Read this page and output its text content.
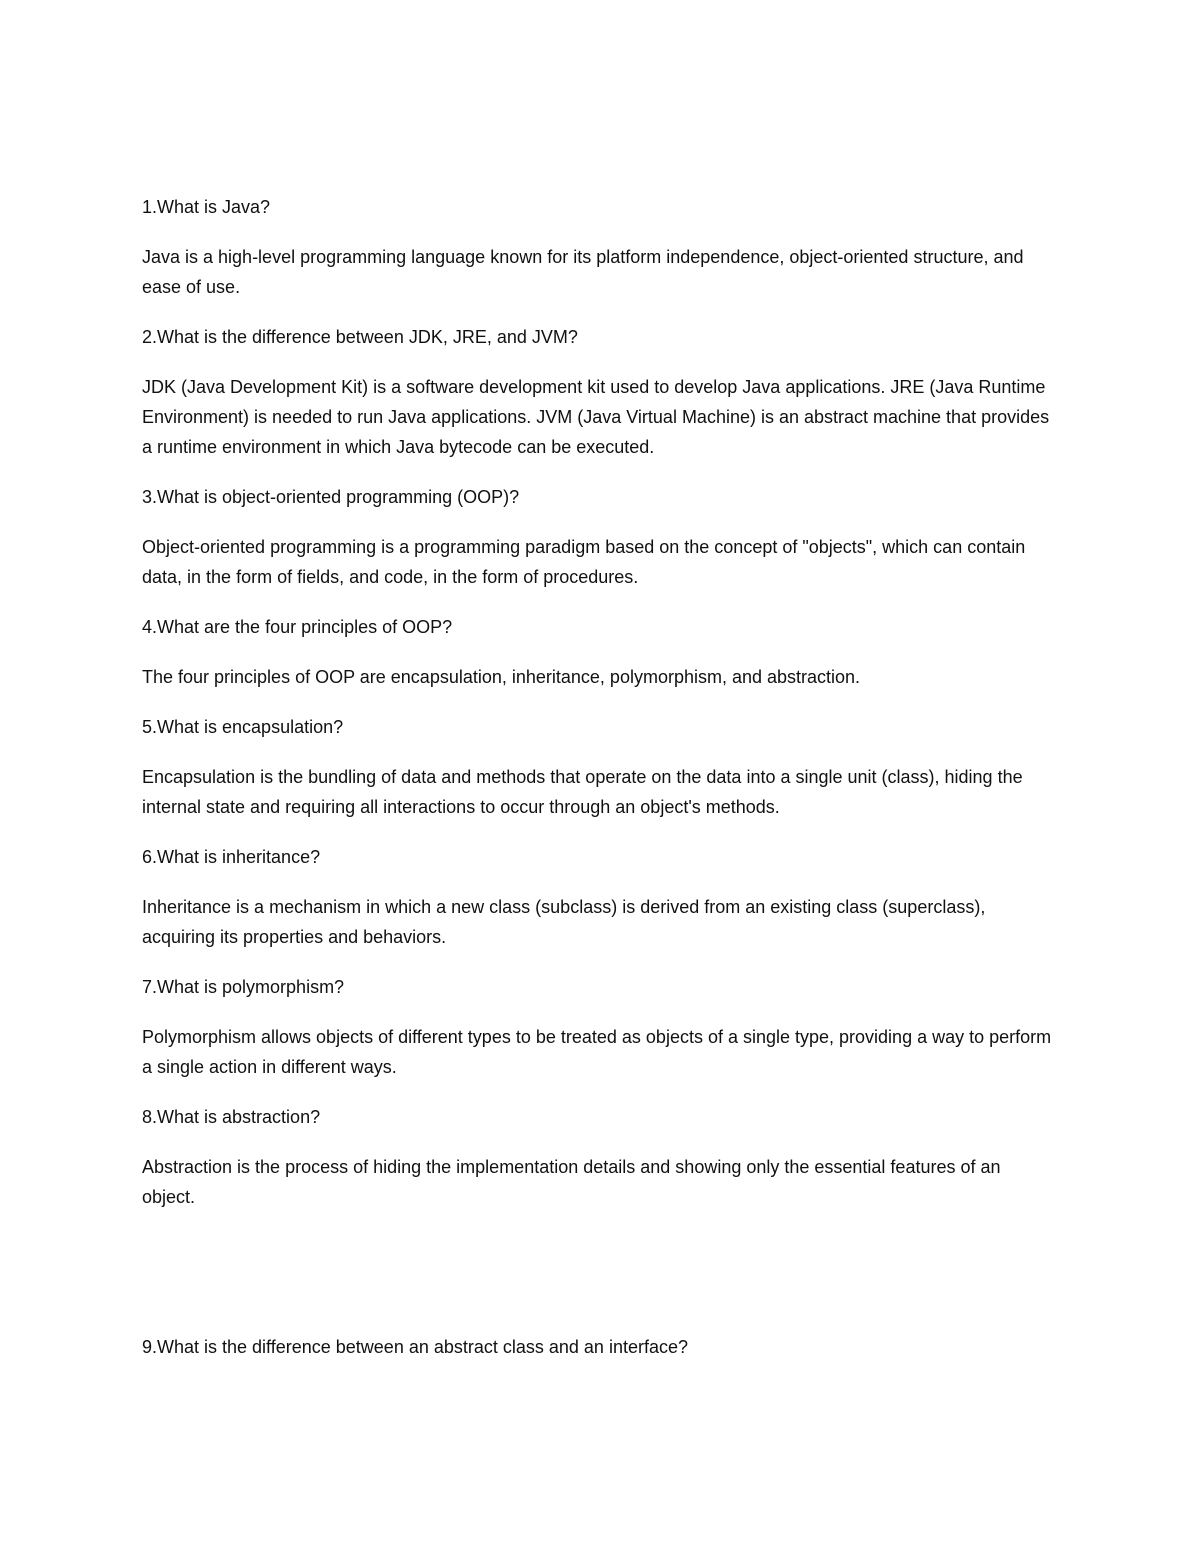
1.What is Java?

Java is a high-level programming language known for its platform independence, object-oriented structure, and ease of use.

2.What is the difference between JDK, JRE, and JVM?

JDK (Java Development Kit) is a software development kit used to develop Java applications. JRE (Java Runtime Environment) is needed to run Java applications. JVM (Java Virtual Machine) is an abstract machine that provides a runtime environment in which Java bytecode can be executed.

3.What is object-oriented programming (OOP)?

Object-oriented programming is a programming paradigm based on the concept of "objects", which can contain data, in the form of fields, and code, in the form of procedures.

4.What are the four principles of OOP?

The four principles of OOP are encapsulation, inheritance, polymorphism, and abstraction.

5.What is encapsulation?

Encapsulation is the bundling of data and methods that operate on the data into a single unit (class), hiding the internal state and requiring all interactions to occur through an object's methods.

6.What is inheritance?

Inheritance is a mechanism in which a new class (subclass) is derived from an existing class (superclass), acquiring its properties and behaviors.

7.What is polymorphism?

Polymorphism allows objects of different types to be treated as objects of a single type, providing a way to perform a single action in different ways.

8.What is abstraction?

Abstraction is the process of hiding the implementation details and showing only the essential features of an object.

9.What is the difference between an abstract class and an interface?
